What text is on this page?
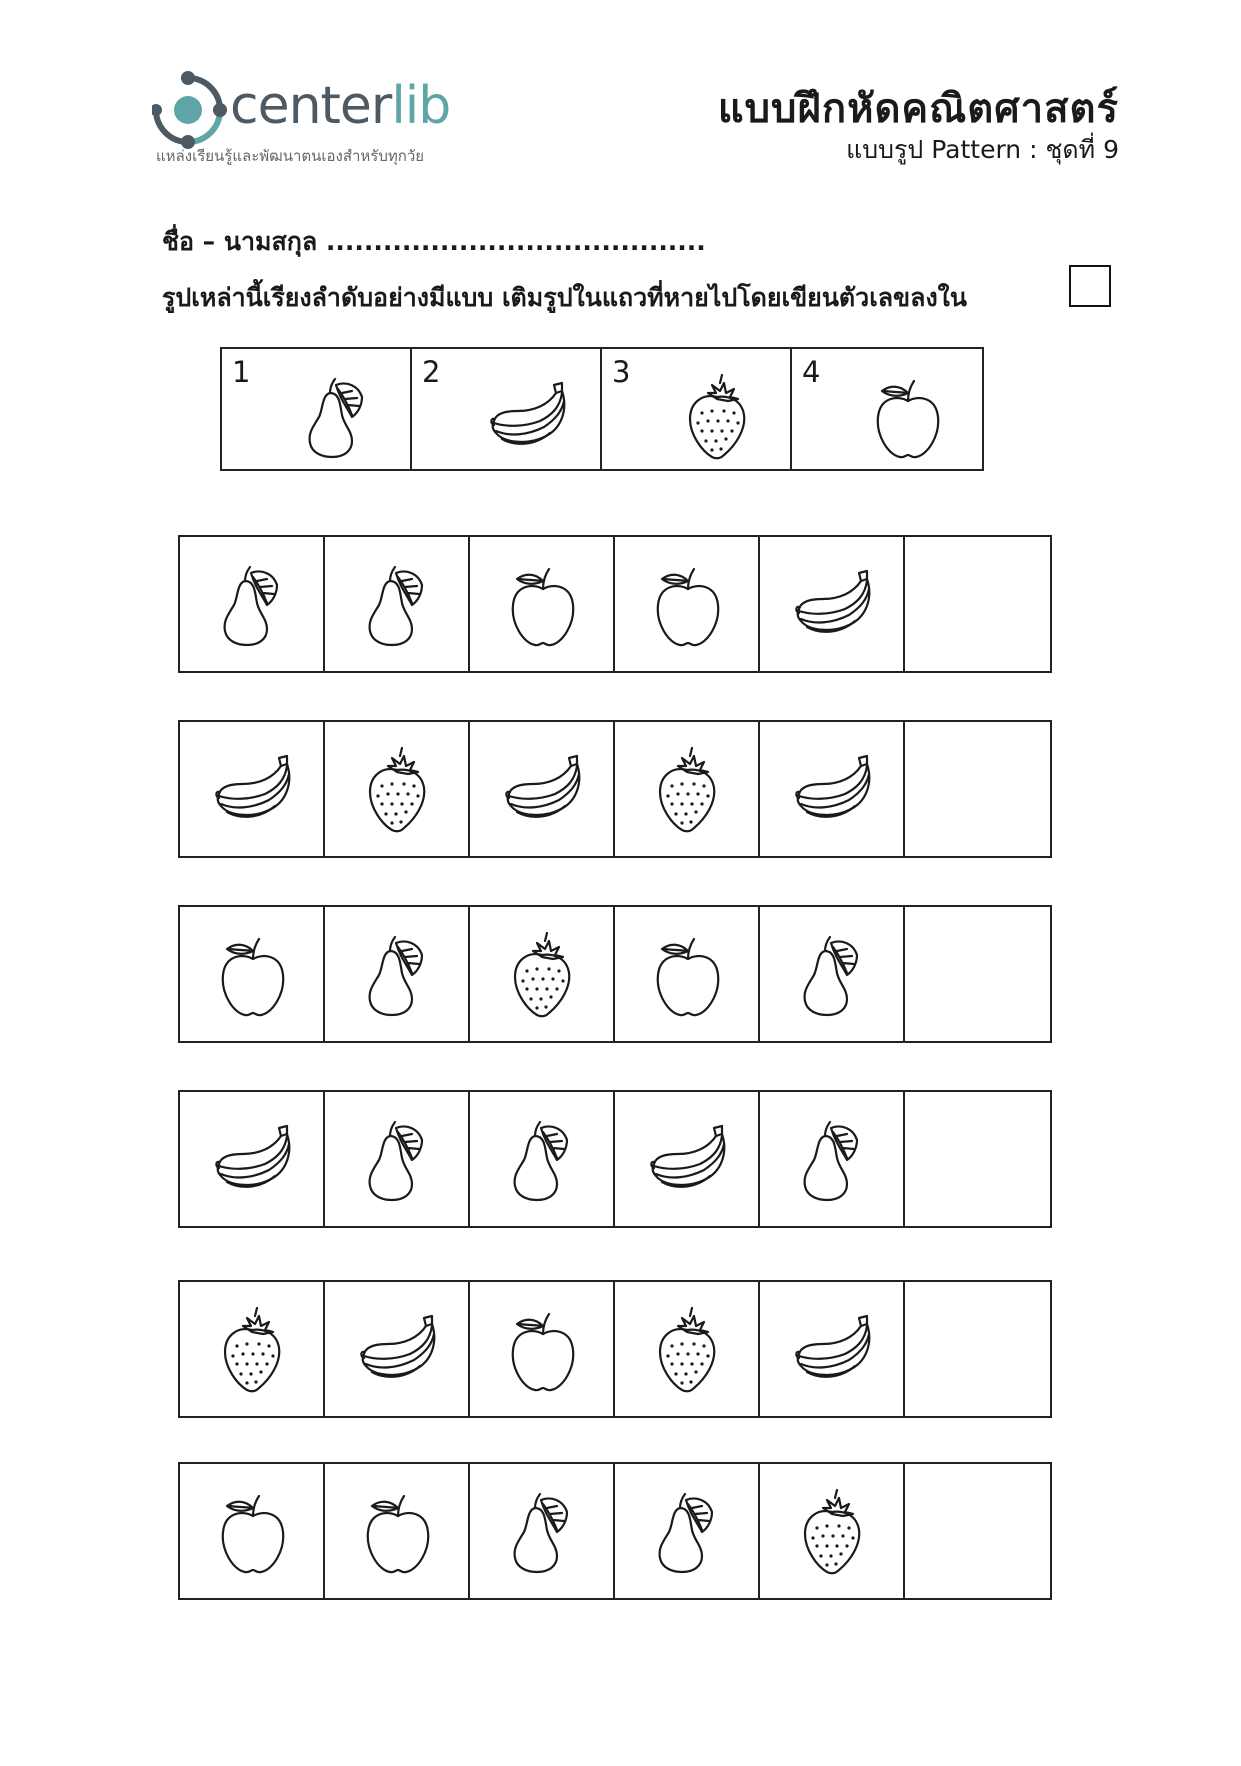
centerlib
แหล่งเรียนรู้และพัฒนาตนเองสำหรับทุกวัย
แบบฝึกหัดคณิตศาสตร์
แบบรูป Pattern : ชุดที่ 9
ชื่อ – นามสกุล ........................................
รูปเหล่านี้เรียงลำดับอย่างมีแบบ เติมรูปในแถวที่หายไปโดยเขียนตัวเลขลงใน
1	2	3	4
